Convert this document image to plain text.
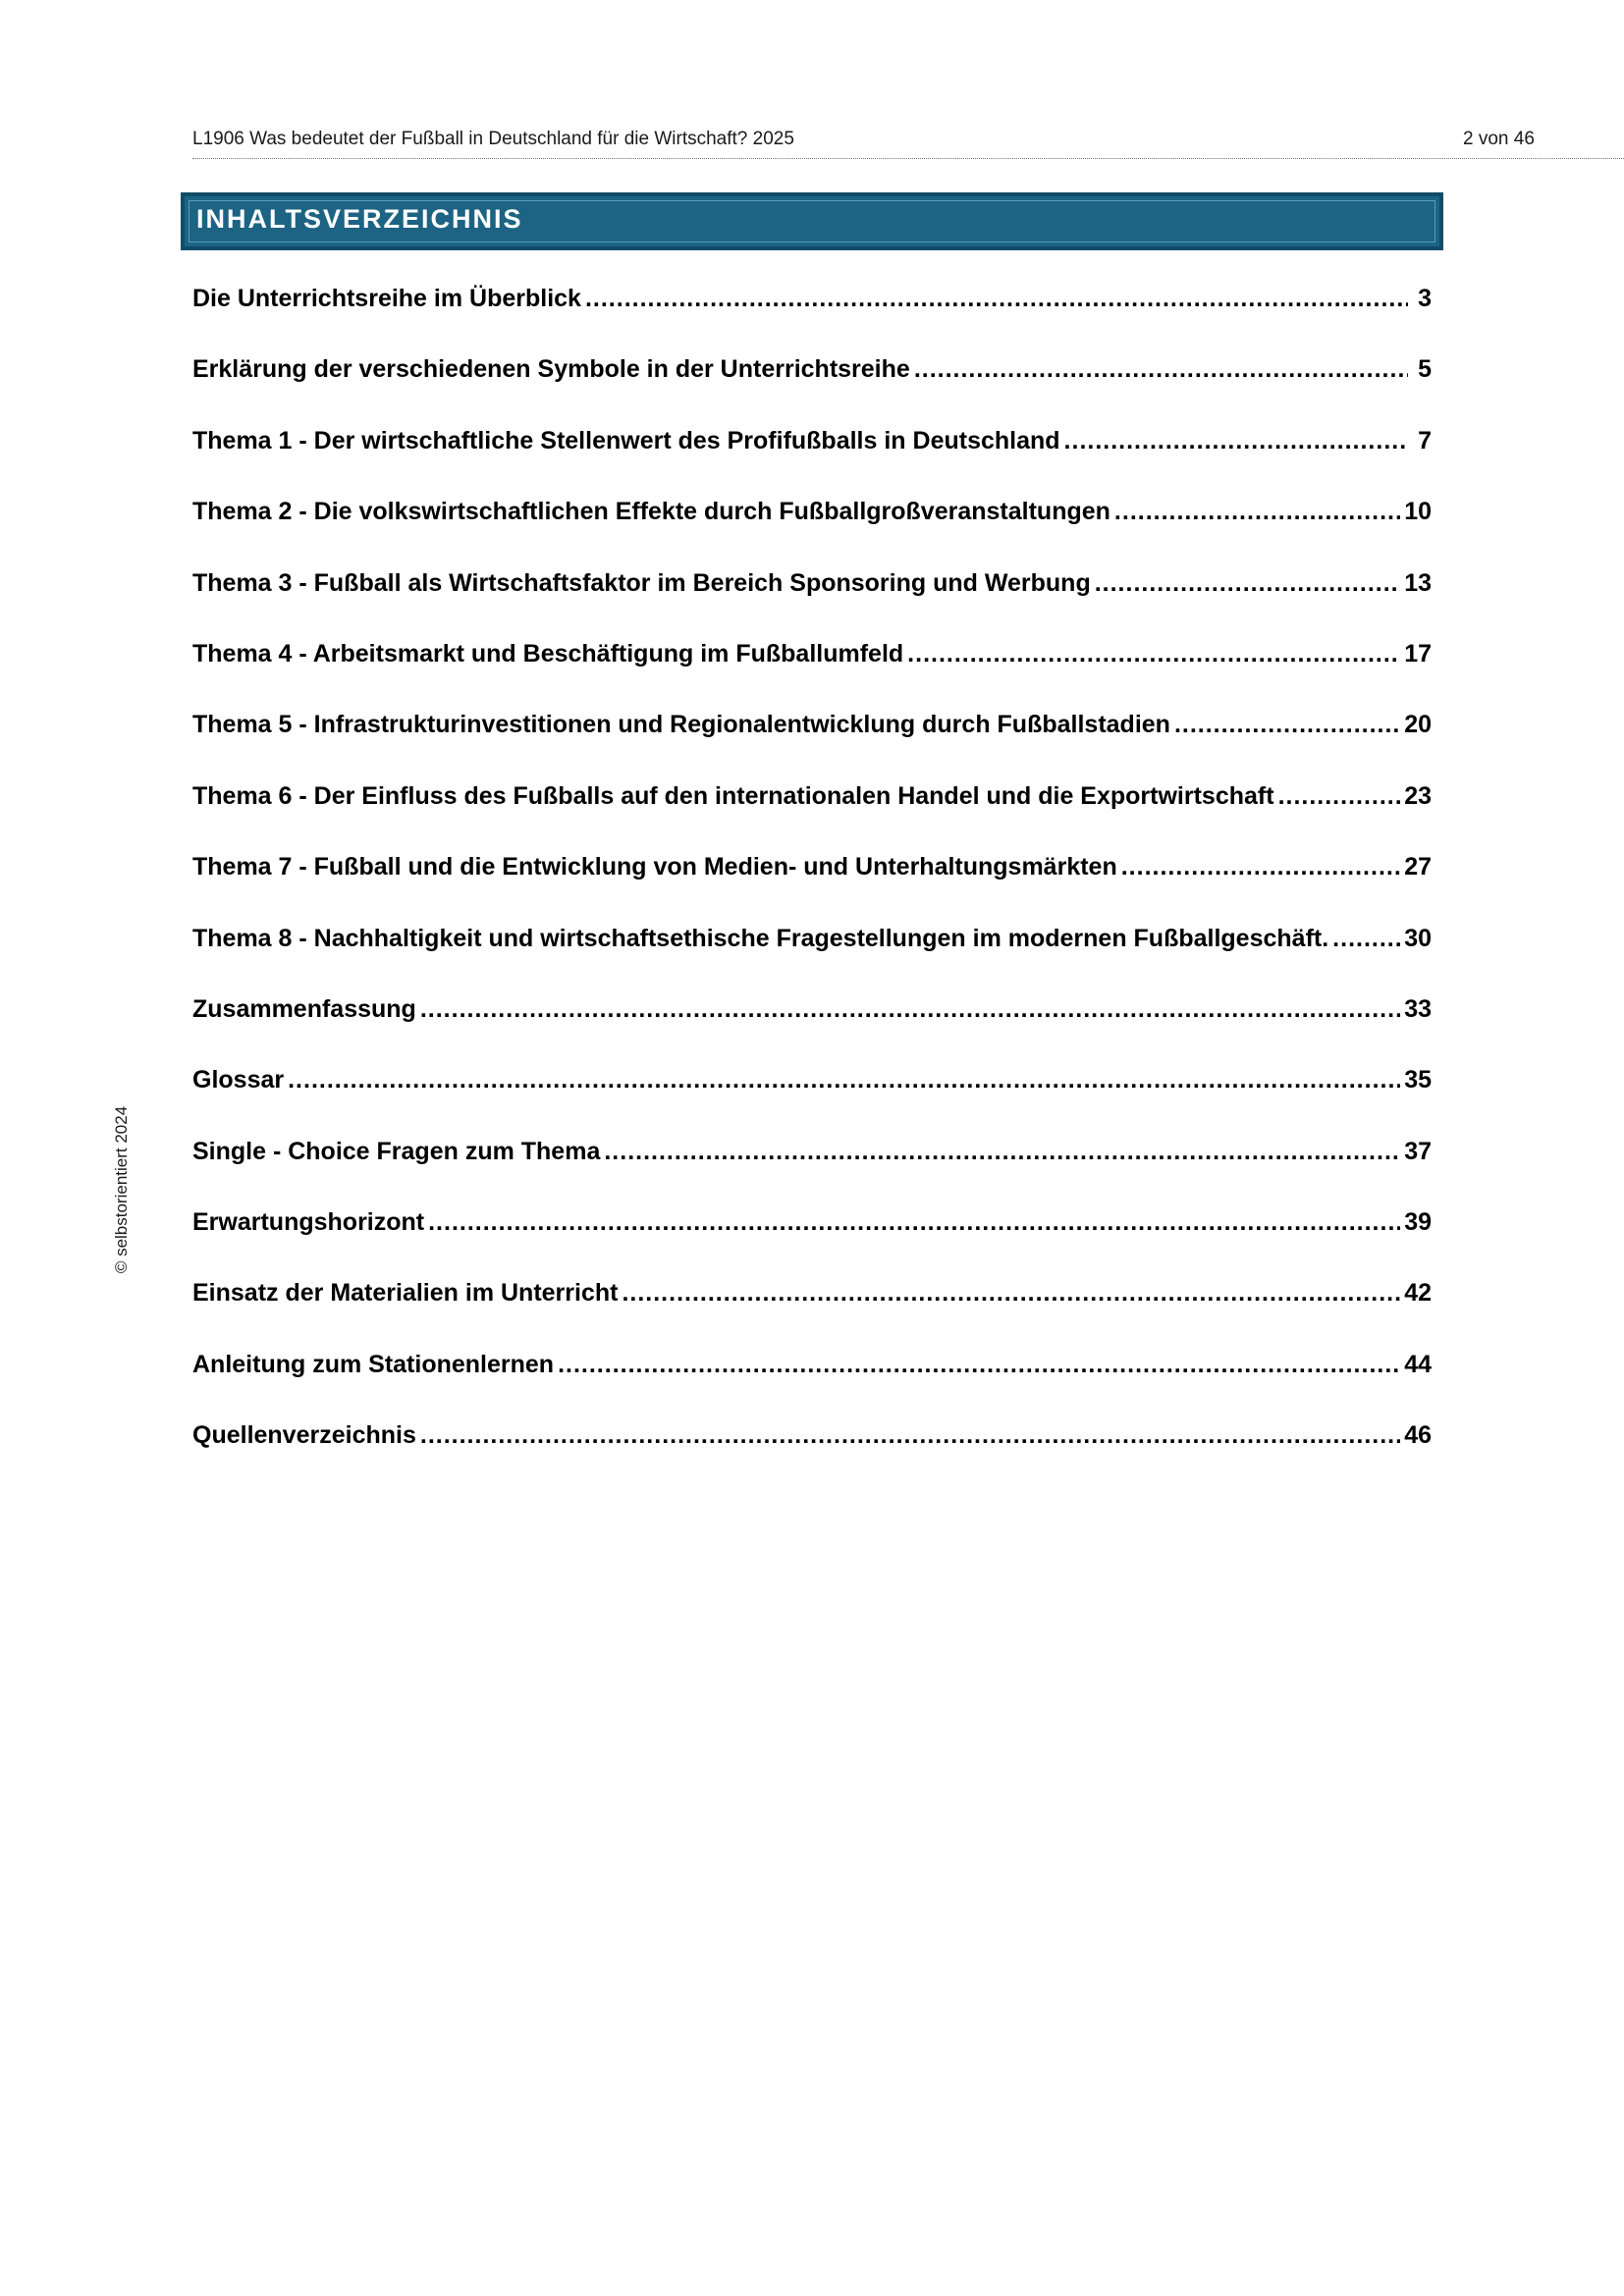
L1906 Was bedeutet der Fußball in Deutschland für die Wirtschaft? 2025	2 von 46
© selbstorientiert 2024
INHALTSVERZEICHNIS
Die Unterrichtsreihe im Überblick .....	3
Erklärung der verschiedenen Symbole in der Unterrichtsreihe .....	5
Thema 1 - Der wirtschaftliche Stellenwert des Profifußballs in Deutschland .....	7
Thema 2 - Die volkswirtschaftlichen Effekte durch Fußballgroßveranstaltungen .....	10
Thema 3 - Fußball als Wirtschaftsfaktor im Bereich Sponsoring und Werbung .....	13
Thema 4 - Arbeitsmarkt und Beschäftigung im Fußballumfeld .....	17
Thema 5 - Infrastrukturinvestitionen und Regionalentwicklung durch Fußballstadien .....	20
Thema 6 - Der Einfluss des Fußballs auf den internationalen Handel und die Exportwirtschaft .....	23
Thema 7 - Fußball und die Entwicklung von Medien- und Unterhaltungsmärkten .....	27
Thema 8 - Nachhaltigkeit und wirtschaftsethische Fragestellungen im modernen Fußballgeschäft. .....	30
Zusammenfassung .....	33
Glossar .....	35
Single - Choice Fragen zum Thema .....	37
Erwartungshorizont .....	39
Einsatz der Materialien im Unterricht .....	42
Anleitung zum Stationenlernen .....	44
Quellenverzeichnis .....	46
